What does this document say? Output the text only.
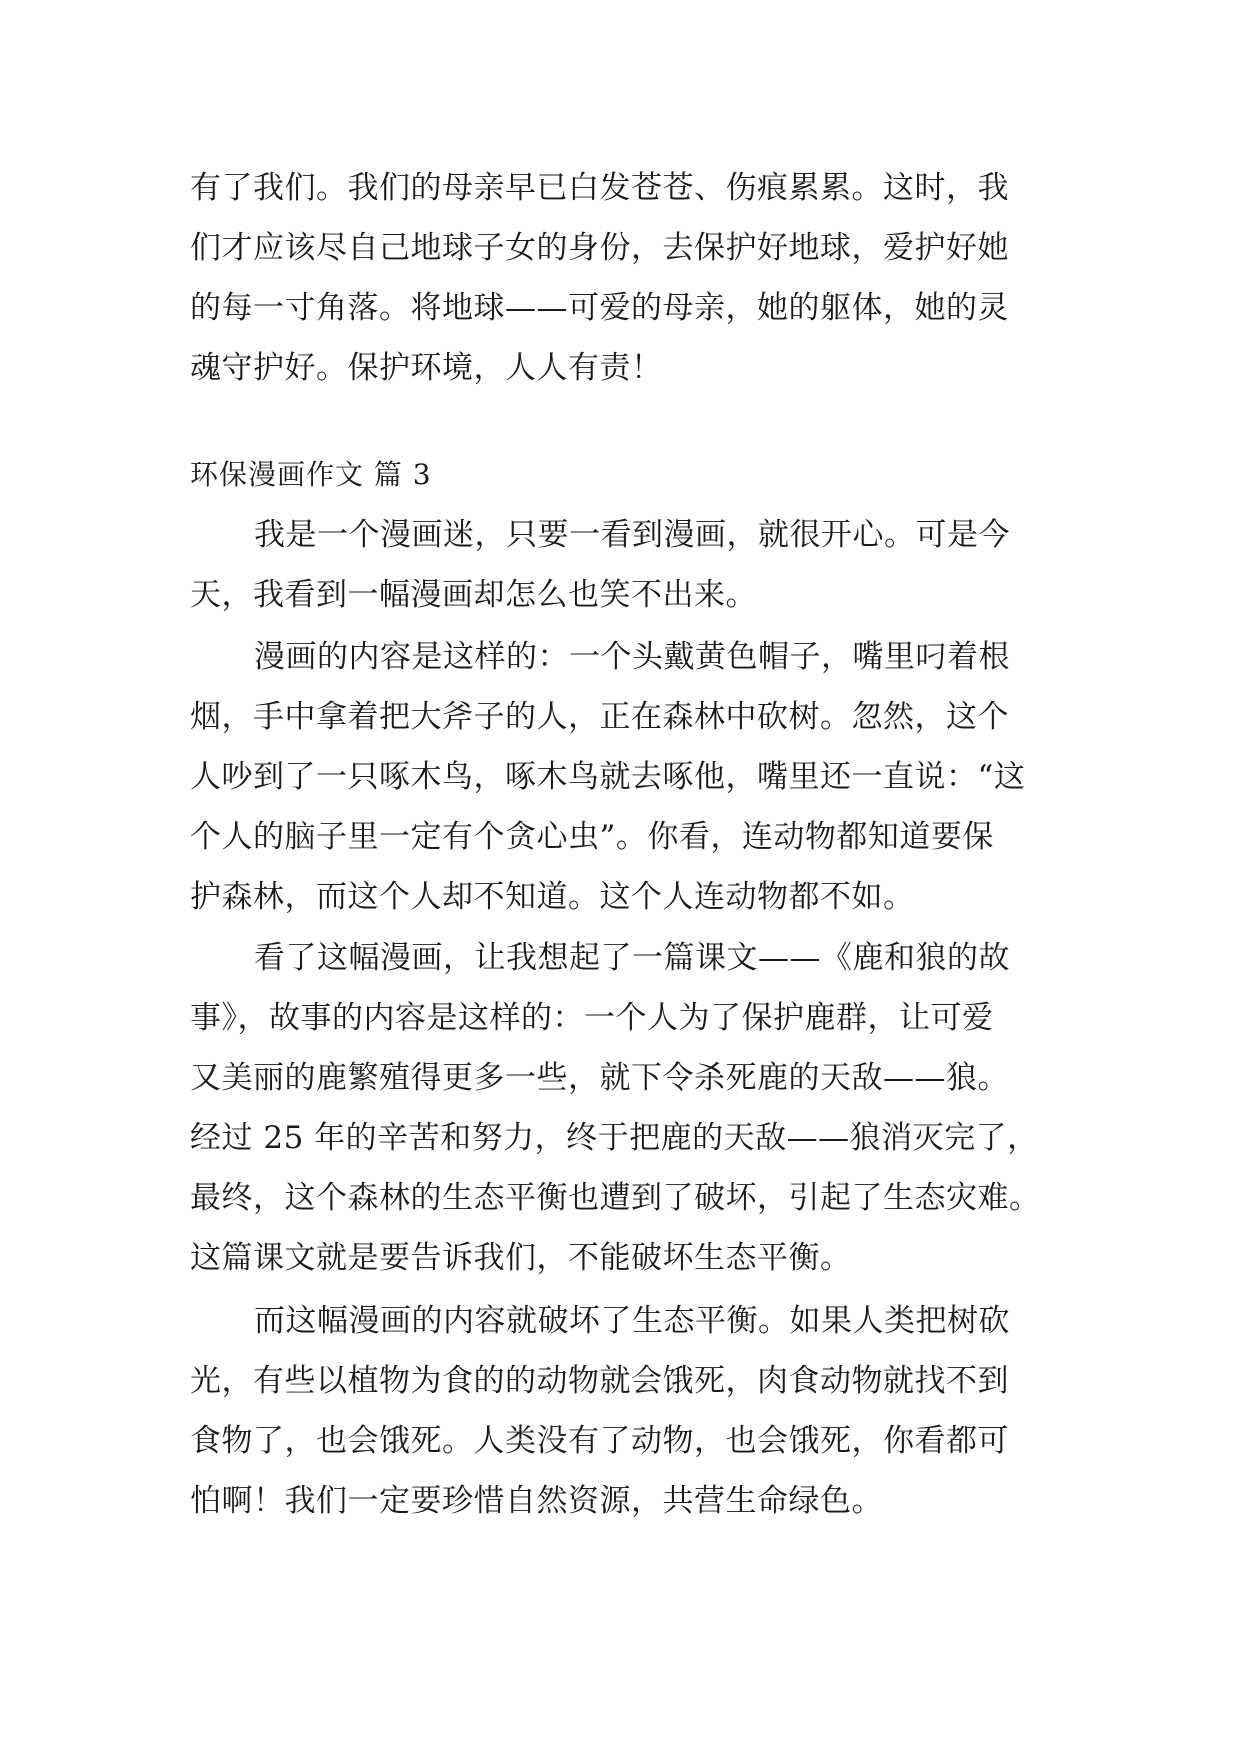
有了我们。我们的母亲早已白发苍苍、伤痕累累。这时，我
们才应该尽自己地球子女的身份，去保护好地球，爱护好她
的每一寸角落。将地球——可爱的母亲，她的躯体，她的灵
魂守护好。保护环境，人人有责！
环保漫画作文 篇 3
我是一个漫画迷，只要一看到漫画，就很开心。可是今
天，我看到一幅漫画却怎么也笑不出来。
漫画的内容是这样的：一个头戴黄色帽子，嘴里叼着根
烟，手中拿着把大斧子的人，正在森林中砍树。忽然，这个
人吵到了一只啄木鸟，啄木鸟就去啄他，嘴里还一直说：“这
个人的脑子里一定有个贪心虫”。你看，连动物都知道要保
护森林，而这个人却不知道。这个人连动物都不如。
看了这幅漫画，让我想起了一篇课文——《鹿和狼的故
事》，故事的内容是这样的：一个人为了保护鹿群，让可爱
又美丽的鹿繁殖得更多一些，就下令杀死鹿的天敌——狼。
经过 25 年的辛苦和努力，终于把鹿的天敌——狼消灭完了，
最终，这个森林的生态平衡也遭到了破坏，引起了生态灾难。
这篇课文就是要告诉我们，不能破坏生态平衡。
而这幅漫画的内容就破坏了生态平衡。如果人类把树砍
光，有些以植物为食的的动物就会饿死，肉食动物就找不到
食物了，也会饿死。人类没有了动物，也会饿死，你看都可
怕啊！我们一定要珍惜自然资源，共营生命绿色。
